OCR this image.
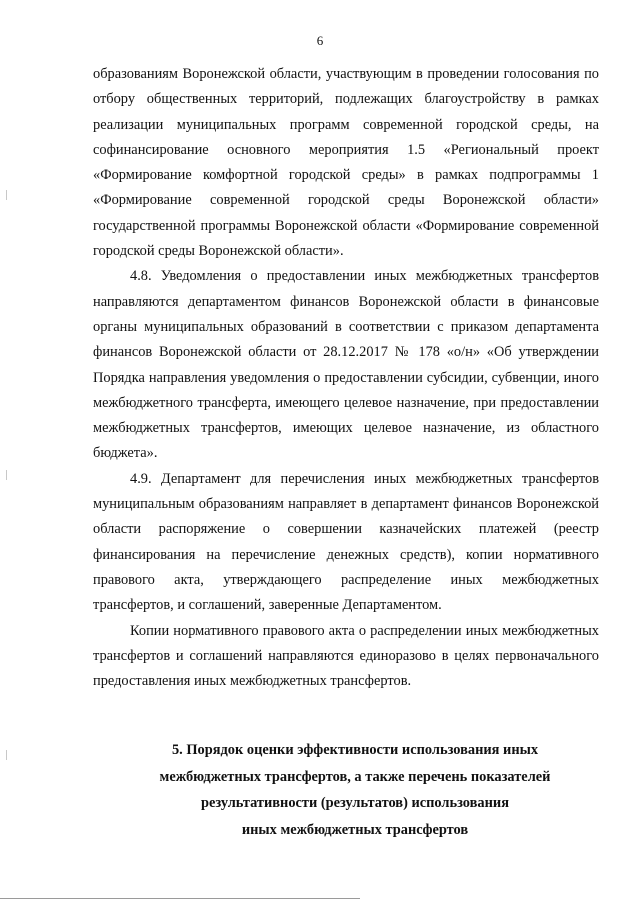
6

образованиям Воронежской области, участвующим в проведении голосования по отбору общественных территорий, подлежащих благоустройству в рамках реализации муниципальных программ современной городской среды, на софинансирование основного мероприятия 1.5 «Региональный проект «Формирование комфортной городской среды» в рамках подпрограммы 1 «Формирование современной городской среды Воронежской области» государственной программы Воронежской области «Формирование современной городской среды Воронежской области».

4.8. Уведомления о предоставлении иных межбюджетных трансфертов направляются департаментом финансов Воронежской области в финансовые органы муниципальных образований в соответствии с приказом департамента финансов Воронежской области от 28.12.2017 № 178 «о/н» «Об утверждении Порядка направления уведомления о предоставлении субсидии, субвенции, иного межбюджетного трансферта, имеющего целевое назначение, при предоставлении межбюджетных трансфертов, имеющих целевое назначение, из областного бюджета».

4.9. Департамент для перечисления иных межбюджетных трансфертов муниципальным образованиям направляет в департамент финансов Воронежской области распоряжение о совершении казначейских платежей (реестр финансирования на перечисление денежных средств), копии нормативного правового акта, утверждающего распределение иных межбюджетных трансфертов, и соглашений, заверенные Департаментом.

Копии нормативного правового акта о распределении иных межбюджетных трансфертов и соглашений направляются единоразово в целях первоначального предоставления иных межбюджетных трансфертов.

5. Порядок оценки эффективности использования иных
межбюджетных трансфертов, а также перечень показателей
результативности (результатов) использования
иных межбюджетных трансфертов
